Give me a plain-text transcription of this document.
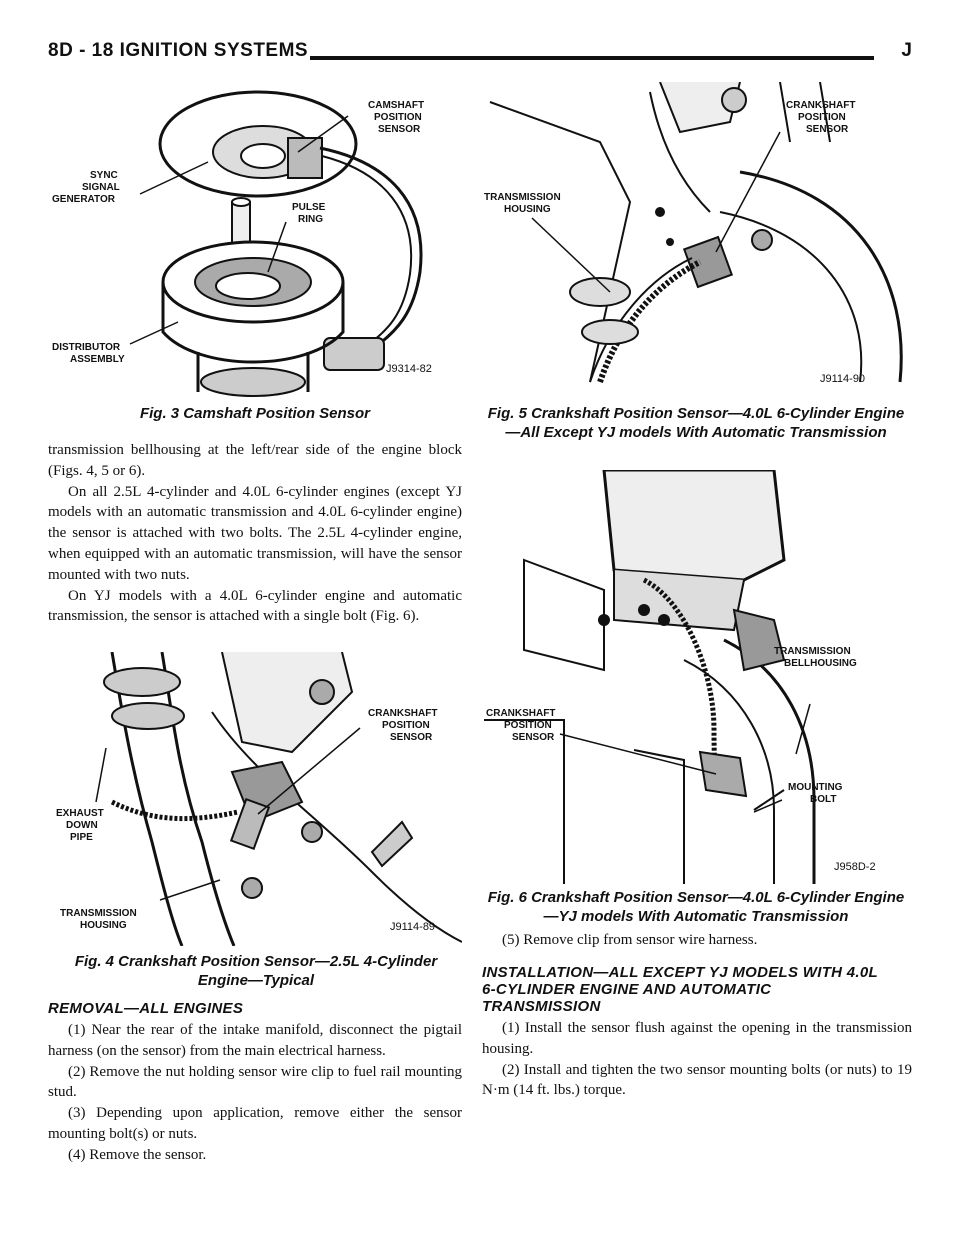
8D - 18 IGNITION SYSTEMS	J
CAMSHAFT
POSITION
SENSOR
SYNC
SIGNAL
GENERATOR
PULSE
RING
DISTRIBUTOR
ASSEMBLY
J9314-82
Fig. 3 Camshaft Position Sensor
CRANKSHAFT
POSITION
SENSOR
TRANSMISSION
HOUSING
J9114-90
Fig. 5 Crankshaft Position Sensor—4.0L 6-Cylinder Engine—All Except YJ models With Automatic Transmission

transmission bellhousing at the left/rear side of the engine block (Figs. 4, 5 or 6).

On all 2.5L 4-cylinder and 4.0L 6-cylinder engines (except YJ models with an automatic transmission and 4.0L 6-cylinder engine) the sensor is attached with two bolts. The 2.5L 4-cylinder engine, when equipped with an automatic transmission, will have the sensor mounted with two nuts.

On YJ models with a 4.0L 6-cylinder engine and automatic transmission, the sensor is attached with a single bolt (Fig. 6).

CRANKSHAFT
POSITION
SENSOR
EXHAUST
DOWN
PIPE
TRANSMISSION
HOUSING	J9114-89
Fig. 4 Crankshaft Position Sensor—2.5L 4-Cylinder Engine—Typical
REMOVAL—ALL ENGINES

(1) Near the rear of the intake manifold, disconnect the pigtail harness (on the sensor) from the main electrical harness.

(2) Remove the nut holding sensor wire clip to fuel rail mounting stud.

(3) Depending upon application, remove either the sensor mounting bolt(s) or nuts.

(4) Remove the sensor.

TRANSMISSION
BELLHOUSING
CRANKSHAFT
POSITION
SENSOR
MOUNTING
BOLT
J958D-2
Fig. 6 Crankshaft Position Sensor—4.0L 6-Cylinder Engine—YJ models With Automatic Transmission

(5) Remove clip from sensor wire harness.

INSTALLATION—ALL EXCEPT YJ MODELS WITH 4.0L 6-CYLINDER ENGINE AND AUTOMATIC TRANSMISSION

(1) Install the sensor flush against the opening in the transmission housing.

(2) Install and tighten the two sensor mounting bolts (or nuts) to 19 N·m (14 ft. lbs.) torque.
